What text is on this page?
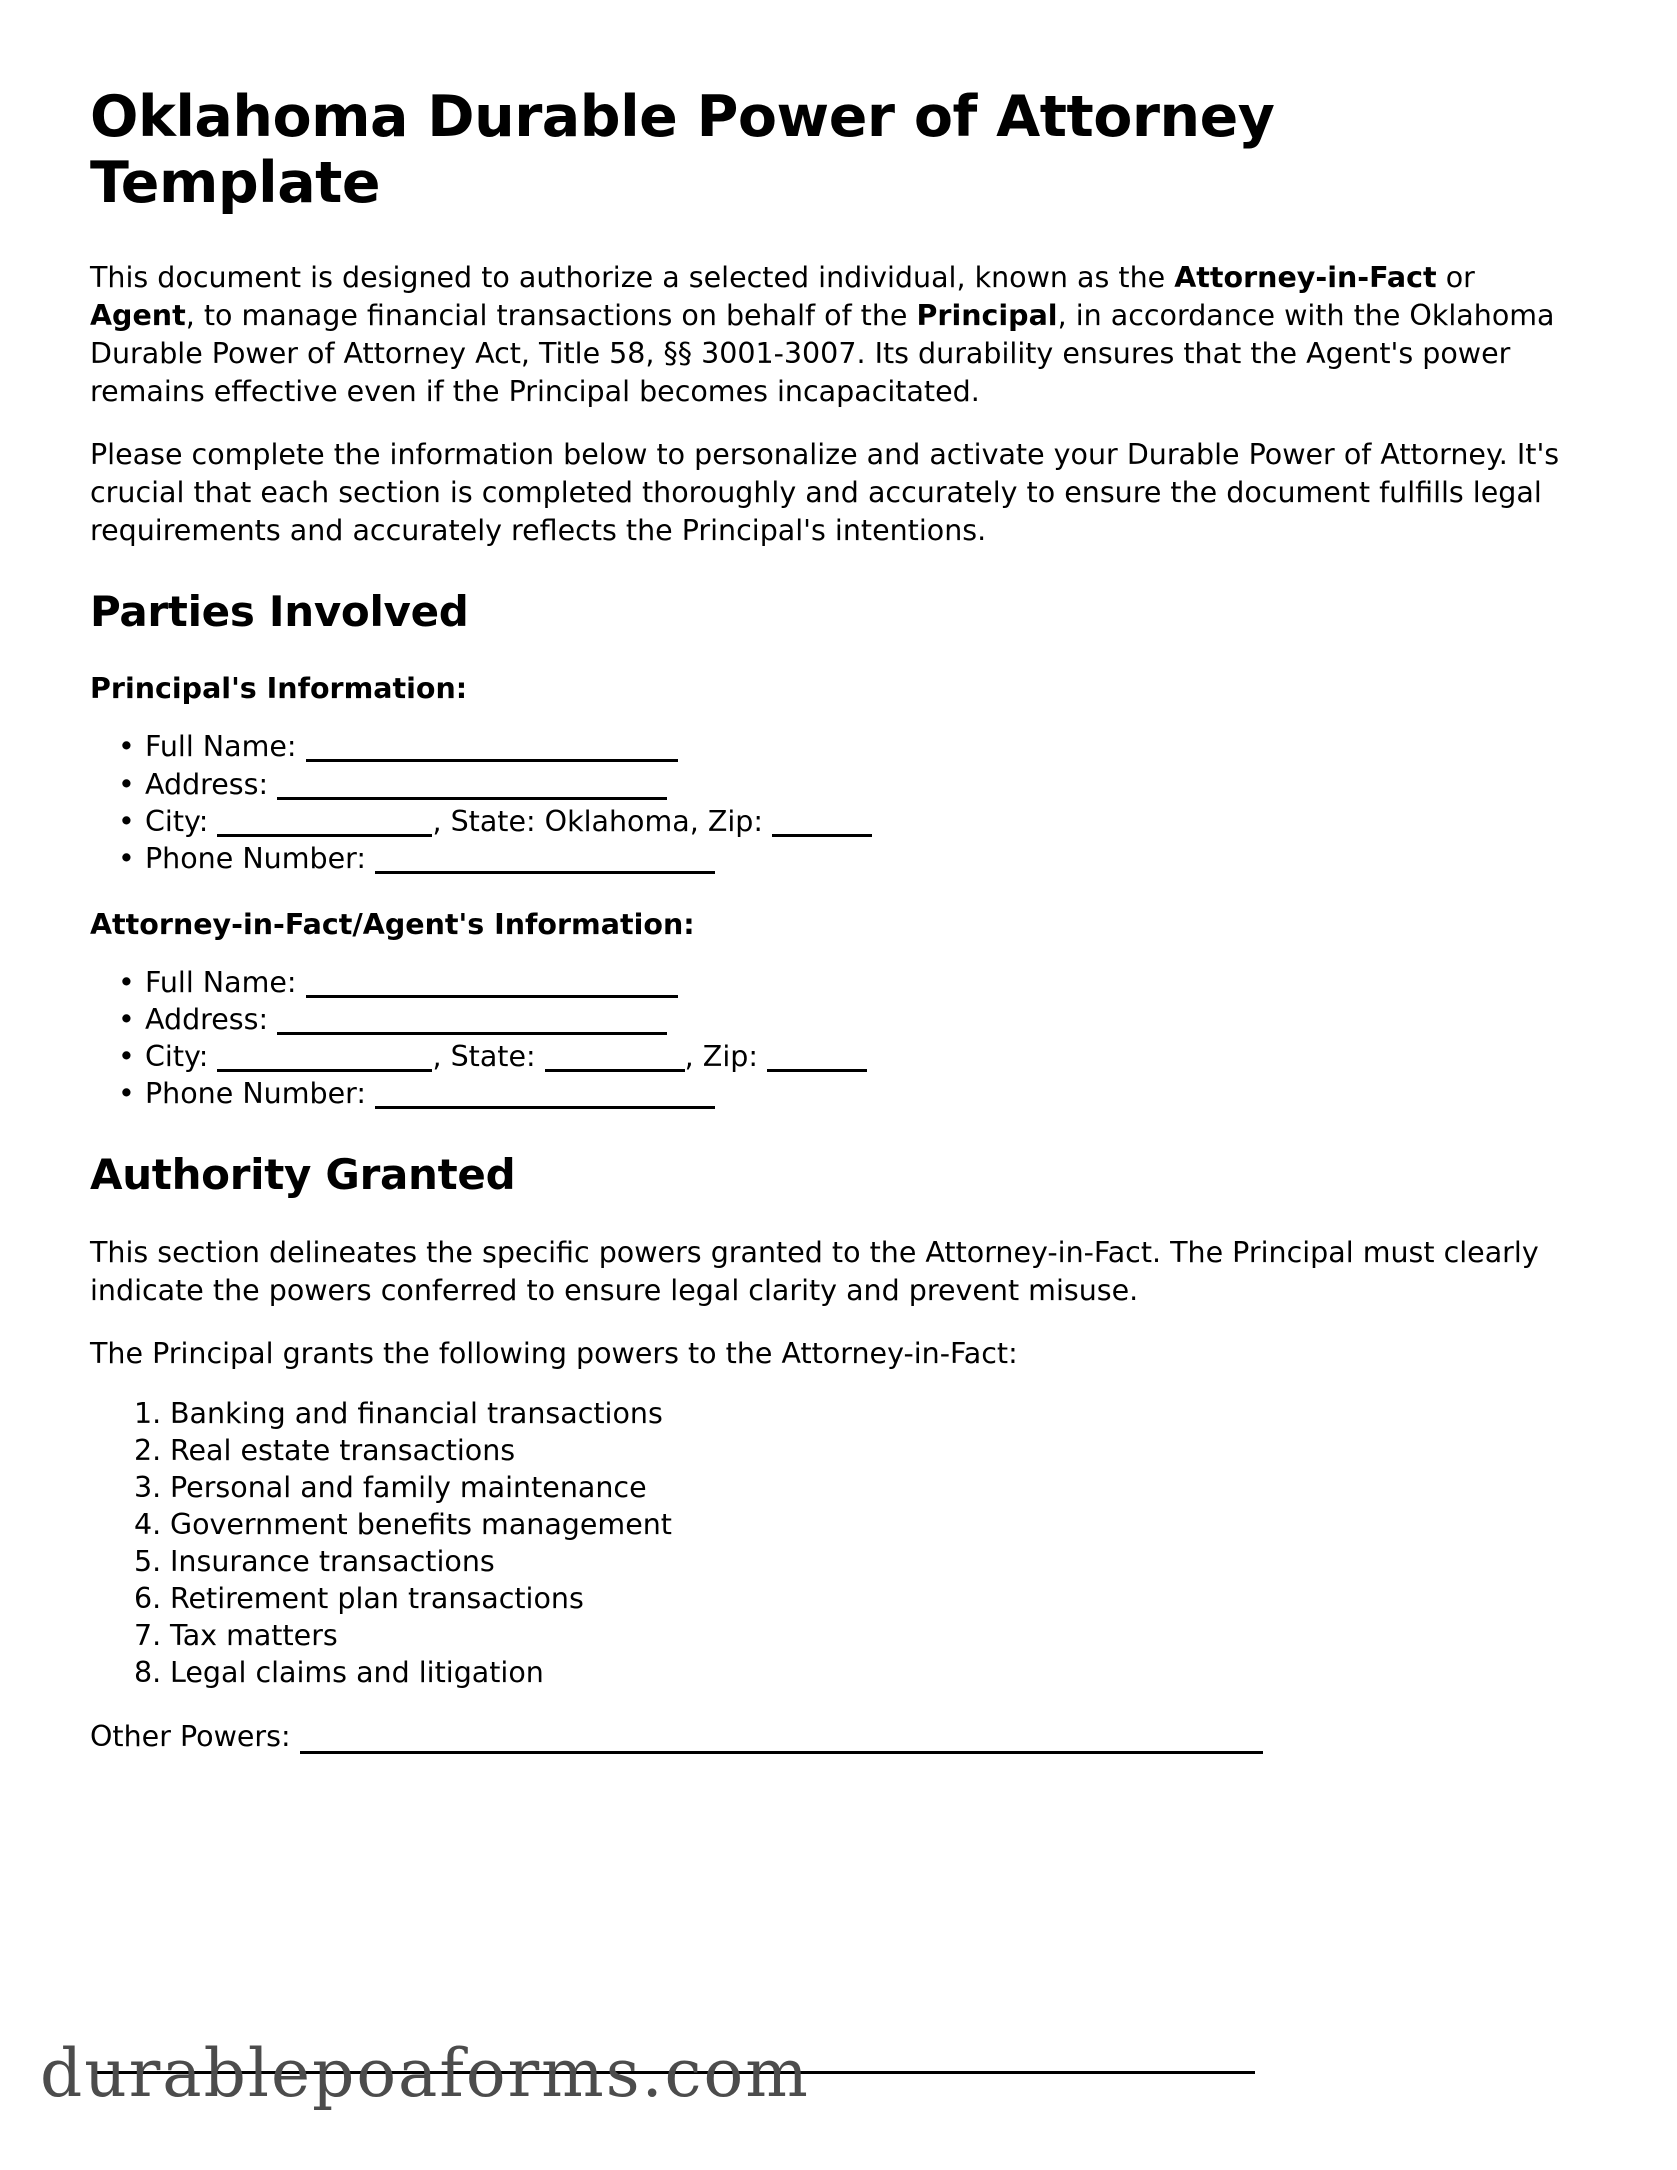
Oklahoma Durable Power of Attorney Template

This document is designed to authorize a selected individual, known as the Attorney-in-Fact or Agent, to manage financial transactions on behalf of the Principal, in accordance with the Oklahoma Durable Power of Attorney Act, Title 58, §§ 3001-3007. Its durability ensures that the Agent's power remains effective even if the Principal becomes incapacitated.

Please complete the information below to personalize and activate your Durable Power of Attorney. It's crucial that each section is completed thoroughly and accurately to ensure the document fulfills legal requirements and accurately reflects the Principal's intentions.

Parties Involved
Principal's Information:
• Full Name:
• Address:
• City:	, State: Oklahoma, Zip:
• Phone Number:
Attorney-in-Fact/Agent's Information:
• Full Name:
• Address:
• City:	, State:	, Zip:
• Phone Number:
Authority Granted

This section delineates the specific powers granted to the Attorney-in-Fact. The Principal must clearly indicate the powers conferred to ensure legal clarity and prevent misuse.

The Principal grants the following powers to the Attorney-in-Fact:

1. Banking and financial transactions
2. Real estate transactions
3. Personal and family maintenance
4. Government benefits management
5. Insurance transactions
6. Retirement plan transactions
7. Tax matters
8. Legal claims and litigation

Other Powers:

durablepoaforms.com
